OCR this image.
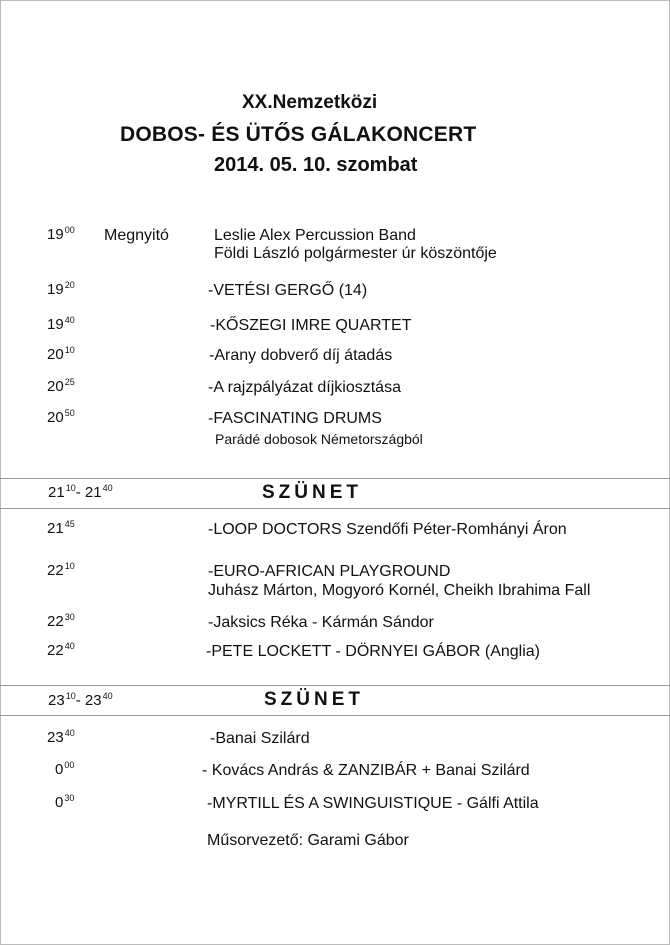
XX.Nemzetközi
DOBOS- ÉS ÜTŐS GÁLAKONCERT
2014. 05. 10. szombat
$19^{00}$ Megnyitó	Leslie Alex Percussion Band
Földi László polgármester úr köszöntője
$19^{20}$	-VETÉSI GERGŐ (14)
$19^{40}$	-KŐSZEGI IMRE QUARTET
$20^{10}$	-Arany dobverő díj átadás
$20^{25}$	-A rajzpályázat díjkiosztása
$20^{50}$	-FASCINATING DRUMS
Parádé dobosok Németországból
$21^{10}-$ $21^{40}$	SZÜNET
$21^{45}$	-LOOP DOCTORS Szendőfi Péter-Romhányi Áron
$22^{10}$	-EURO-AFRICAN PLAYGROUND
Juhász Márton, Mogyoró Kornél, Cheikh Ibrahima Fall
$22^{30}$	-Jaksics Réka - Kármán Sándor
$22^{40}$	-PETE LOCKETT - DÖRNYEI GÁBOR (Anglia)
$23^{10}-$ $23^{40}$	SZÜNET
$23^{40}$	-Banai Szilárd
$0^{00}$	- Kovács András & ZANZIBÁR + Banai Szilárd
$0^{30}$	-MYRTILL ÉS A SWINGUISTIQUE - Gálfi Attila
Műsorvezető: Garami Gábor
